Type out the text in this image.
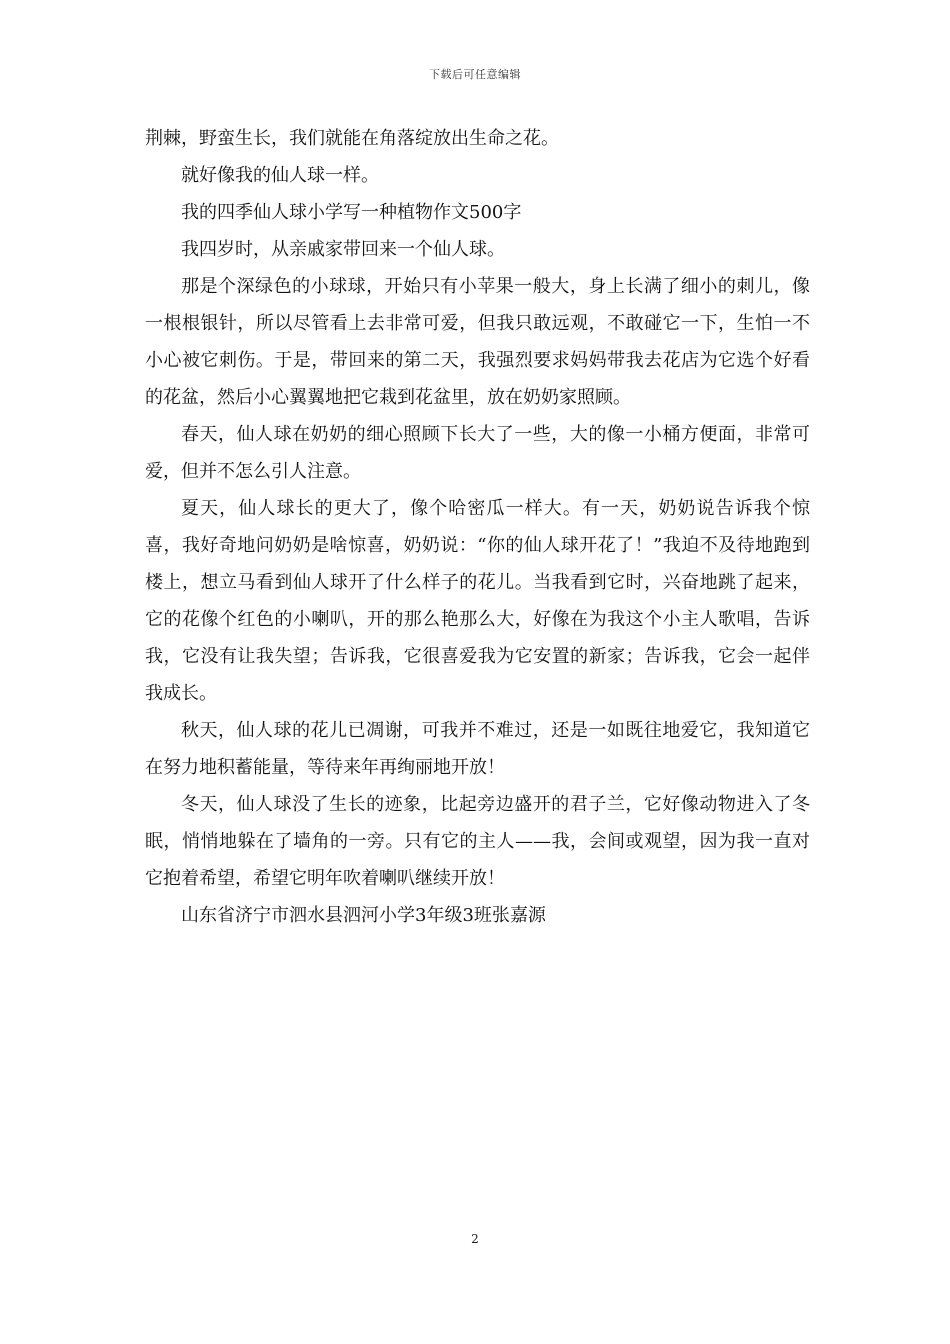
下载后可任意编辑

荆棘，野蛮生长，我们就能在角落绽放出生命之花。

就好像我的仙人球一样。

我的四季仙人球小学写一种植物作文500字

我四岁时，从亲戚家带回来一个仙人球。

那是个深绿色的小球球，开始只有小苹果一般大，身上长满了细小的刺儿，像一根根银针，所以尽管看上去非常可爱，但我只敢远观，不敢碰它一下，生怕一不小心被它刺伤。于是，带回来的第二天，我强烈要求妈妈带我去花店为它选个好看的花盆，然后小心翼翼地把它栽到花盆里，放在奶奶家照顾。

春天，仙人球在奶奶的细心照顾下长大了一些，大的像一小桶方便面，非常可爱，但并不怎么引人注意。

夏天，仙人球长的更大了，像个哈密瓜一样大。有一天，奶奶说告诉我个惊喜，我好奇地问奶奶是啥惊喜，奶奶说：“你的仙人球开花了！”我迫不及待地跑到楼上，想立马看到仙人球开了什么样子的花儿。当我看到它时，兴奋地跳了起来，它的花像个红色的小喇叭，开的那么艳那么大，好像在为我这个小主人歌唱，告诉我，它没有让我失望；告诉我，它很喜爱我为它安置的新家；告诉我，它会一起伴我成长。

秋天，仙人球的花儿已凋谢，可我并不难过，还是一如既往地爱它，我知道它在努力地积蓄能量，等待来年再绚丽地开放！

冬天，仙人球没了生长的迹象，比起旁边盛开的君子兰，它好像动物进入了冬眠，悄悄地躲在了墙角的一旁。只有它的主人——我，会间或观望，因为我一直对它抱着希望，希望它明年吹着喇叭继续开放！

山东省济宁市泗水县泗河小学3年级3班张嘉源

2
